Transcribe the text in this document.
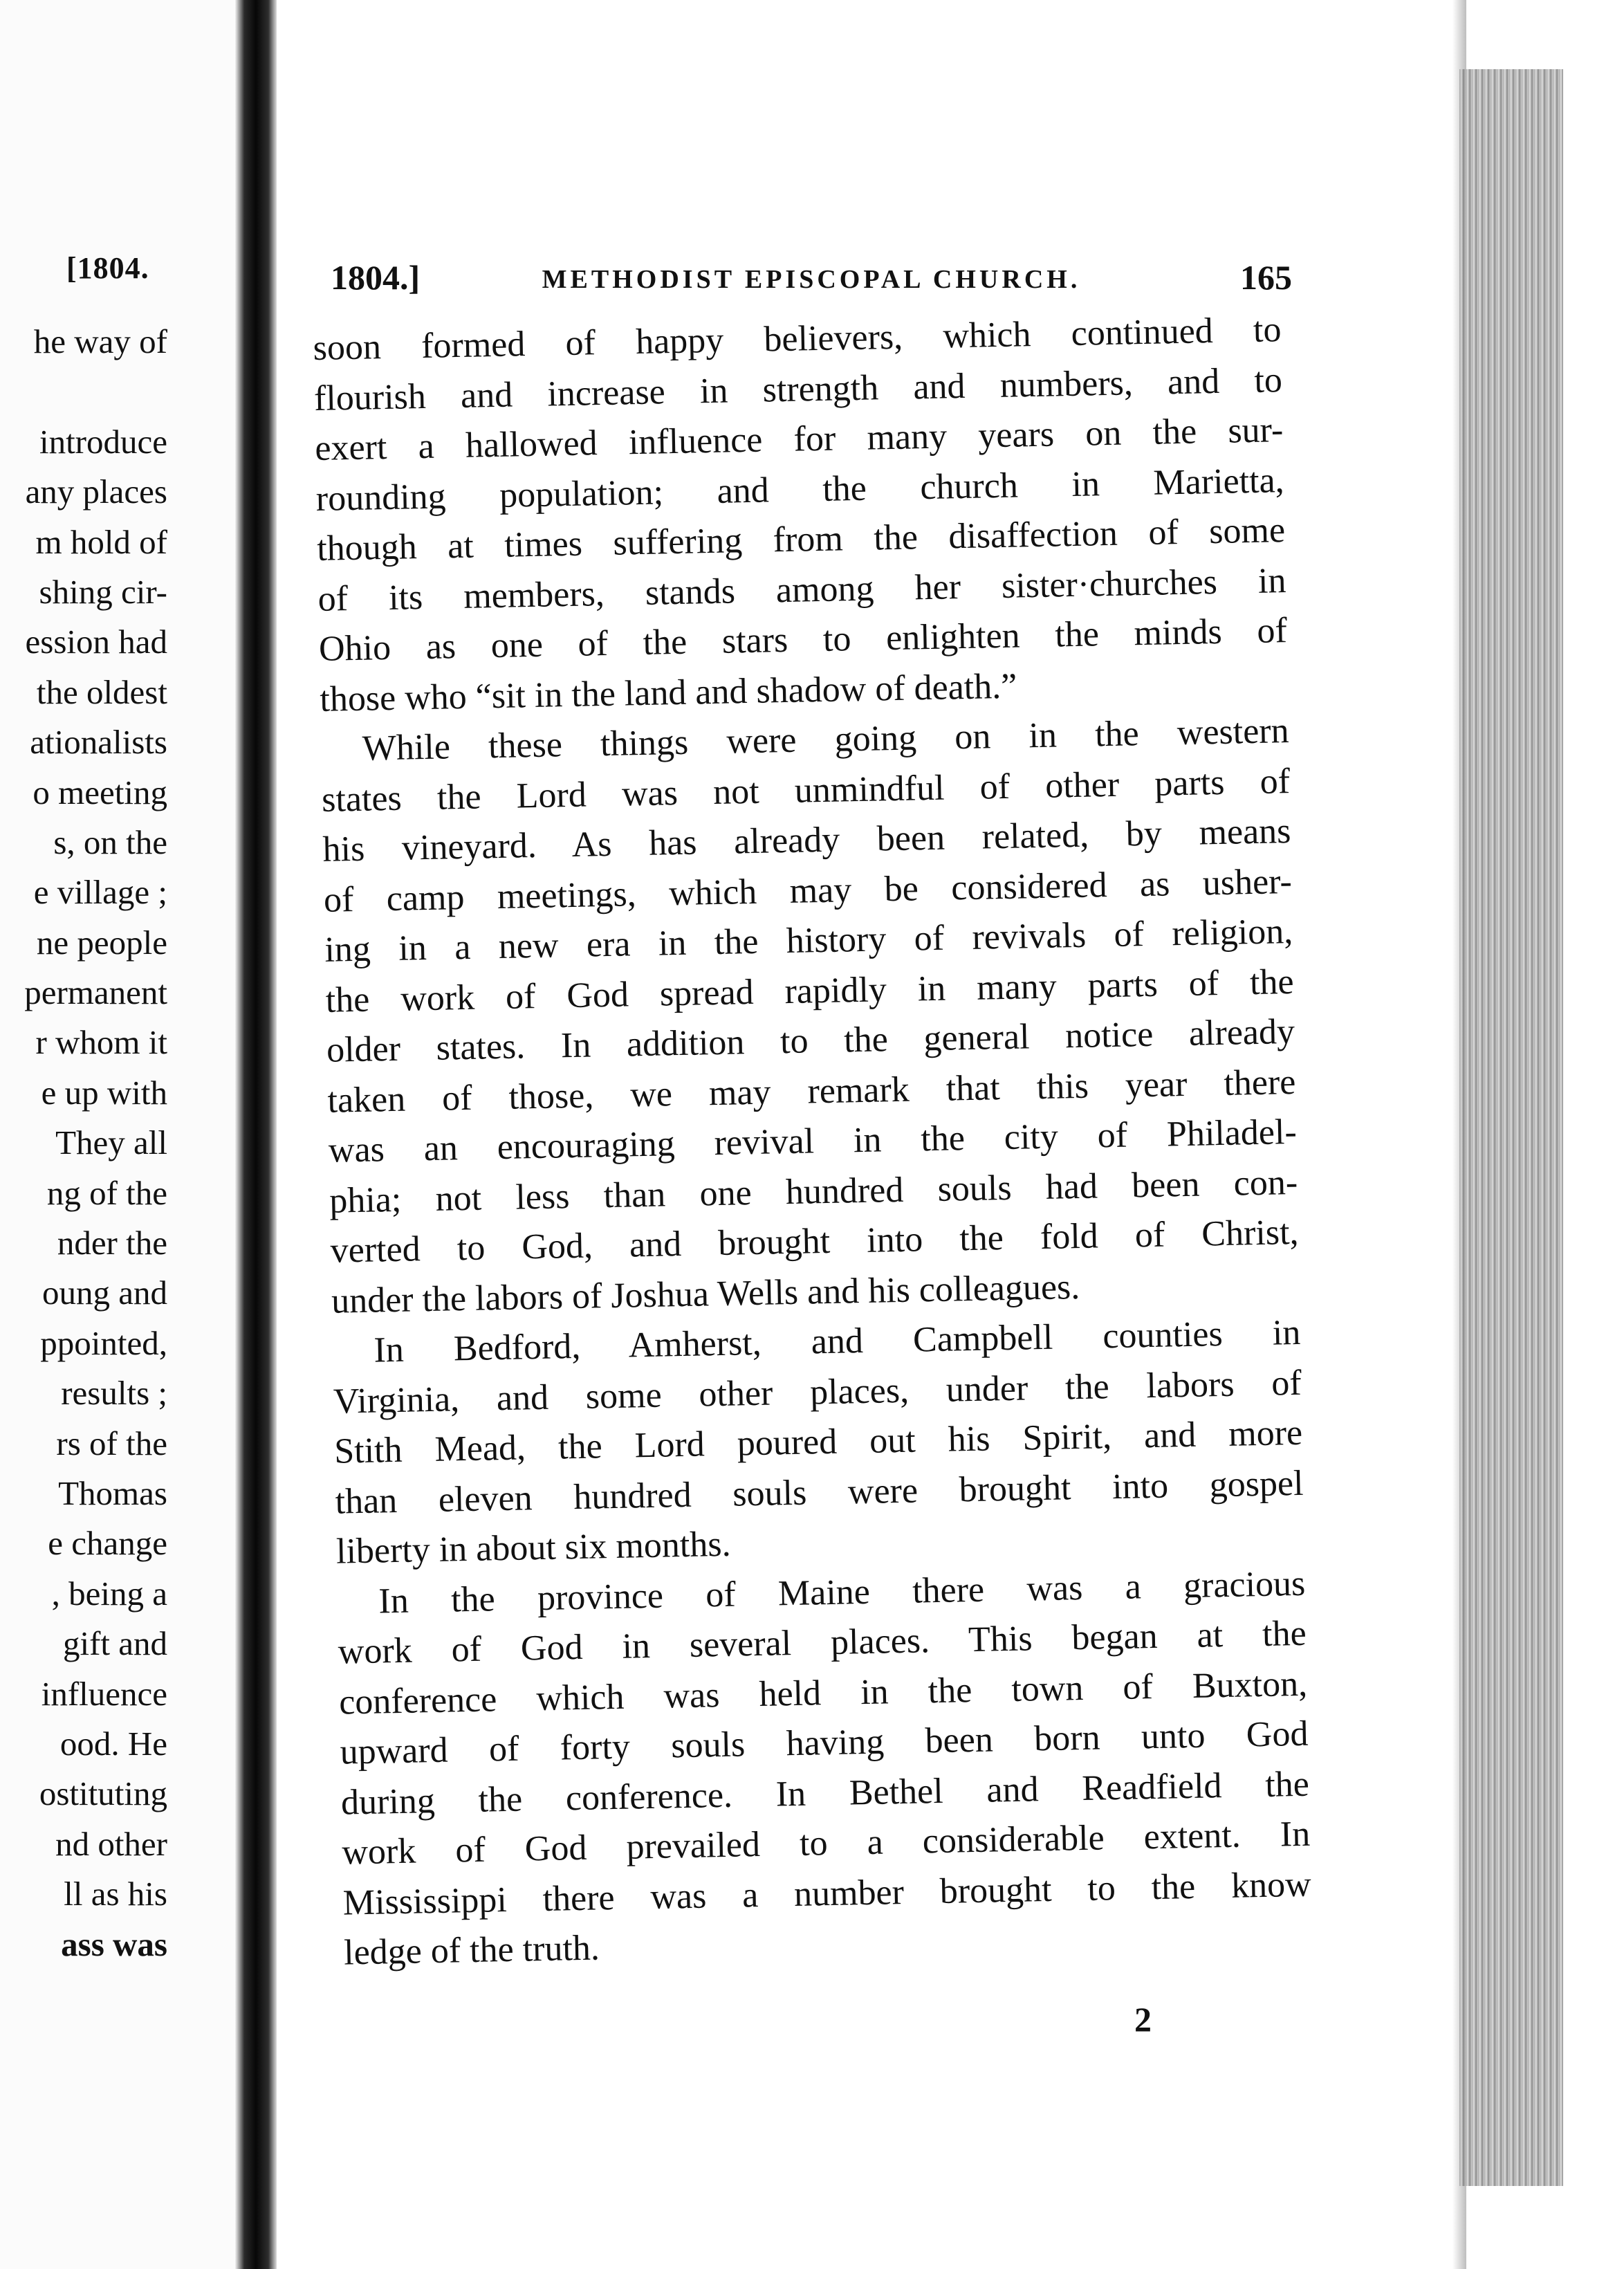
[1804.
he way of
introduce
any places
m hold of
shing cir-
ession had
the oldest
ationalists
o meeting
s, on the
e village ;
ne people
permanent
r whom it
e up with
They all
ng of the
nder the
oung and
ppointed,
results ;
rs of the
Thomas
e change
, being a
gift and
influence
ood. He
ostituting
nd other
ll as his
ass was
1804.]	METHODIST EPISCOPAL CHURCH.	165
soon formed of happy believers, which continued to
flourish and increase in strength and numbers, and to
exert a hallowed influence for many years on the sur-
rounding population; and the church in Marietta,
though at times suffering from the disaffection of some
of its members, stands among her sister·churches in
Ohio as one of the stars to enlighten the minds of
those who “sit in the land and shadow of death.”
While these things were going on in the western
states the Lord was not unmindful of other parts of
his vineyard. As has already been related, by means
of camp meetings, which may be considered as usher-
ing in a new era in the history of revivals of religion,
the work of God spread rapidly in many parts of the
older states. In addition to the general notice already
taken of those, we may remark that this year there
was an encouraging revival in the city of Philadel-
phia; not less than one hundred souls had been con-
verted to God, and brought into the fold of Christ,
under the labors of Joshua Wells and his colleagues.
In Bedford, Amherst, and Campbell counties in
Virginia, and some other places, under the labors of
Stith Mead, the Lord poured out his Spirit, and more
than eleven hundred souls were brought into gospel
liberty in about six months.
In the province of Maine there was a gracious
work of God in several places. This began at the
conference which was held in the town of Buxton,
upward of forty souls having been born unto God
during the conference. In Bethel and Readfield the
work of God prevailed to a considerable extent. In
Mississippi there was a number brought to the know
ledge of the truth.
2
